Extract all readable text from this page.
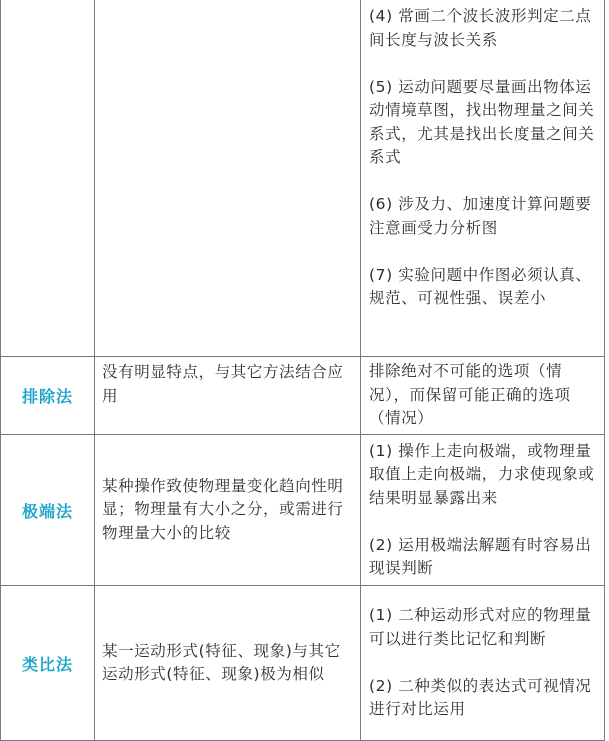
		(4) 常画二个波长波形判定二点间长度与波长关系

(5) 运动问题要尽量画出物体运动情境草图，找出物理量之间关系式，尤其是找出长度量之间关系式

(6) 涉及力、加速度计算问题要注意画受力分析图

(7) 实验问题中作图必须认真、规范、可视性强、误差小

排除法	没有明显特点，与其它方法结合应用	排除绝对不可能的选项（情况），而保留可能正确的选项（情况）

极端法	某种操作致使物理量变化趋向性明显；物理量有大小之分，或需进行物理量大小的比较	(1) 操作上走向极端，或物理量取值上走向极端，力求使现象或结果明显暴露出来

(2) 运用极端法解题有时容易出现误判断

类比法	某一运动形式(特征、现象)与其它运动形式(特征、现象)极为相似	(1) 二种运动形式对应的物理量可以进行类比记忆和判断

(2) 二种类似的表达式可视情况进行对比运用
